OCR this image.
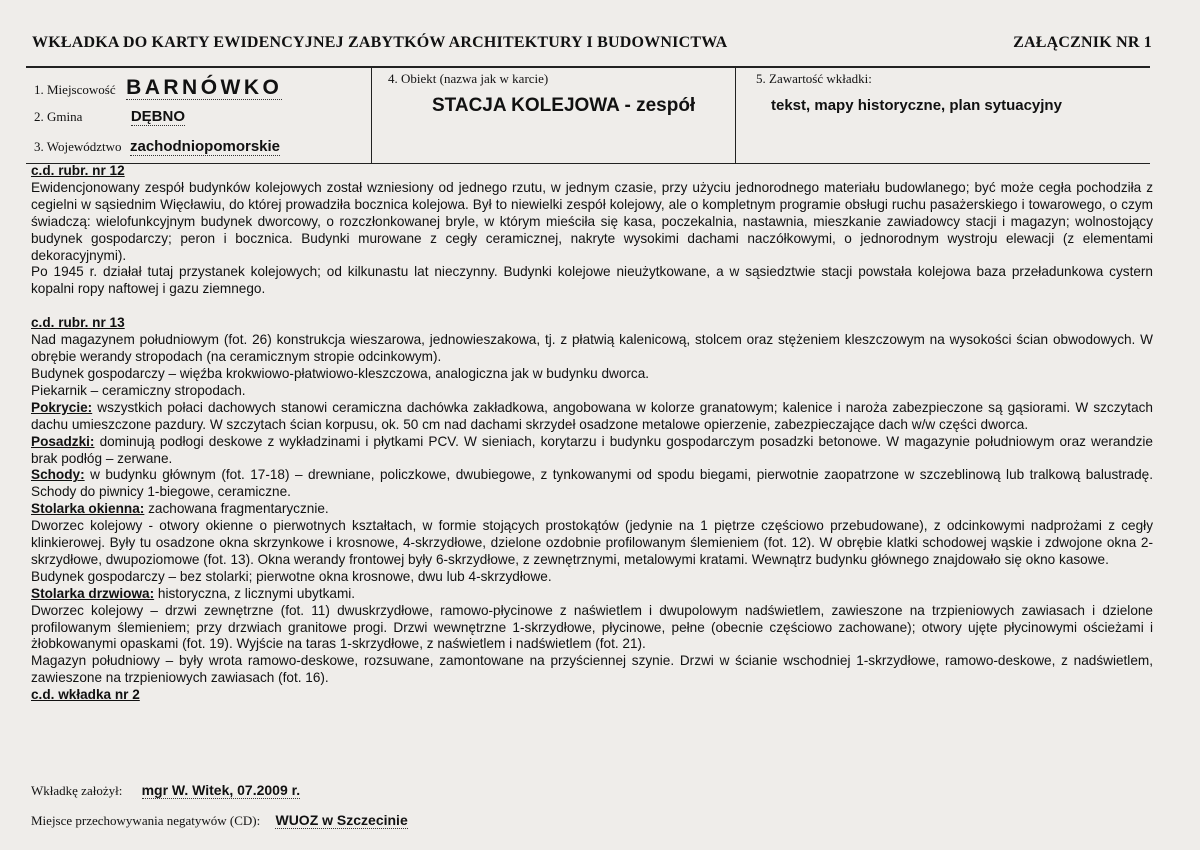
WKŁADKA DO KARTY EWIDENCYJNEJ ZABYTKÓW ARCHITEKTURY I BUDOWNICTWA	ZAŁĄCZNIK NR 1
1. Miejscowość BARNÓWKO
2. Gmina	DĘBNO
3. Województwo zachodniopomorskie
4. Obiekt (nazwa jak w karcie)
STACJA KOLEJOWA - zespół
5. Zawartość wkładki:
tekst, mapy historyczne, plan sytuacyjny

c.d. rubr. nr 12

Ewidencjonowany zespół budynków kolejowych został wzniesiony od jednego rzutu, w jednym czasie, przy użyciu jednorodnego materiału budowlanego; być może cegła pochodziła z cegielni w sąsiednim Więcławiu, do której prowadziła bocznica kolejowa. Był to niewielki zespół kolejowy, ale o kompletnym programie obsługi ruchu pasażerskiego i towarowego, o czym świadczą: wielofunkcyjnym budynek dworcowy, o rozczłonkowanej bryle, w którym mieściła się kasa, poczekalnia, nastawnia, mieszkanie zawiadowcy stacji i magazyn; wolnostojący budynek gospodarczy; peron i bocznica. Budynki murowane z cegły ceramicznej, nakryte wysokimi dachami naczółkowymi, o jednorodnym wystroju elewacji (z elementami dekoracyjnymi).

Po 1945 r. działał tutaj przystanek kolejowych; od kilkunastu lat nieczynny. Budynki kolejowe nieużytkowane, a w sąsiedztwie stacji powstała kolejowa baza przeładunkowa cystern kopalni ropy naftowej i gazu ziemnego.

c.d. rubr. nr 13

Nad magazynem południowym (fot. 26) konstrukcja wieszarowa, jednowieszakowa, tj. z płatwią kalenicową, stolcem oraz stężeniem kleszczowym na wysokości ścian obwodowych. W obrębie werandy stropodach (na ceramicznym stropie odcinkowym).

Budynek gospodarczy – więźba krokwiowo-płatwiowo-kleszczowa, analogiczna jak w budynku dworca.

Piekarnik – ceramiczny stropodach.

Pokrycie: wszystkich połaci dachowych stanowi ceramiczna dachówka zakładkowa, angobowana w kolorze granatowym; kalenice i naroża zabezpieczone są gąsiorami. W szczytach dachu umieszczone pazdury. W szczytach ścian korpusu, ok. 50 cm nad dachami skrzydeł osadzone metalowe opierzenie, zabezpieczające dach w/w części dworca.

Posadzki: dominują podłogi deskowe z wykładzinami i płytkami PCV. W sieniach, korytarzu i budynku gospodarczym posadzki betonowe. W magazynie południowym oraz werandzie brak podłóg – zerwane.

Schody: w budynku głównym (fot. 17-18) – drewniane, policzkowe, dwubiegowe, z tynkowanymi od spodu biegami, pierwotnie zaopatrzone w szczeblinową lub tralkową balustradę. Schody do piwnicy 1-biegowe, ceramiczne.

Stolarka okienna: zachowana fragmentarycznie.

Dworzec kolejowy - otwory okienne o pierwotnych kształtach, w formie stojących prostokątów (jedynie na 1 piętrze częściowo przebudowane), z odcinkowymi nadprożami z cegły klinkierowej. Były tu osadzone okna skrzynkowe i krosnowe, 4-skrzydłowe, dzielone ozdobnie profilowanym ślemieniem (fot. 12). W obrębie klatki schodowej wąskie i zdwojone okna 2-skrzydłowe, dwupoziomowe (fot. 13). Okna werandy frontowej były 6-skrzydłowe, z zewnętrznymi, metalowymi kratami. Wewnątrz budynku głównego znajdowało się okno kasowe.

Budynek gospodarczy – bez stolarki; pierwotne okna krosnowe, dwu lub 4-skrzydłowe.

Stolarka drzwiowa: historyczna, z licznymi ubytkami.

Dworzec kolejowy – drzwi zewnętrzne (fot. 11) dwuskrzydłowe, ramowo-płycinowe z naświetlem i dwupolowym nadświetlem, zawieszone na trzpieniowych zawiasach i dzielone profilowanym ślemieniem; przy drzwiach granitowe progi. Drzwi wewnętrzne 1-skrzydłowe, płycinowe, pełne (obecnie częściowo zachowane); otwory ujęte płycinowymi ościeżami i żłobkowanymi opaskami (fot. 19). Wyjście na taras 1-skrzydłowe, z naświetlem i nadświetlem (fot. 21).

Magazyn południowy – były wrota ramowo-deskowe, rozsuwane, zamontowane na przyściennej szynie. Drzwi w ścianie wschodniej 1-skrzydłowe, ramowo-deskowe, z nadświetlem, zawieszone na trzpieniowych zawiasach (fot. 16).

c.d. wkładka nr 2

Wkładkę założył: mgr W. Witek, 07.2009 r.
Miejsce przechowywania negatywów (CD): WUOZ w Szczecinie
